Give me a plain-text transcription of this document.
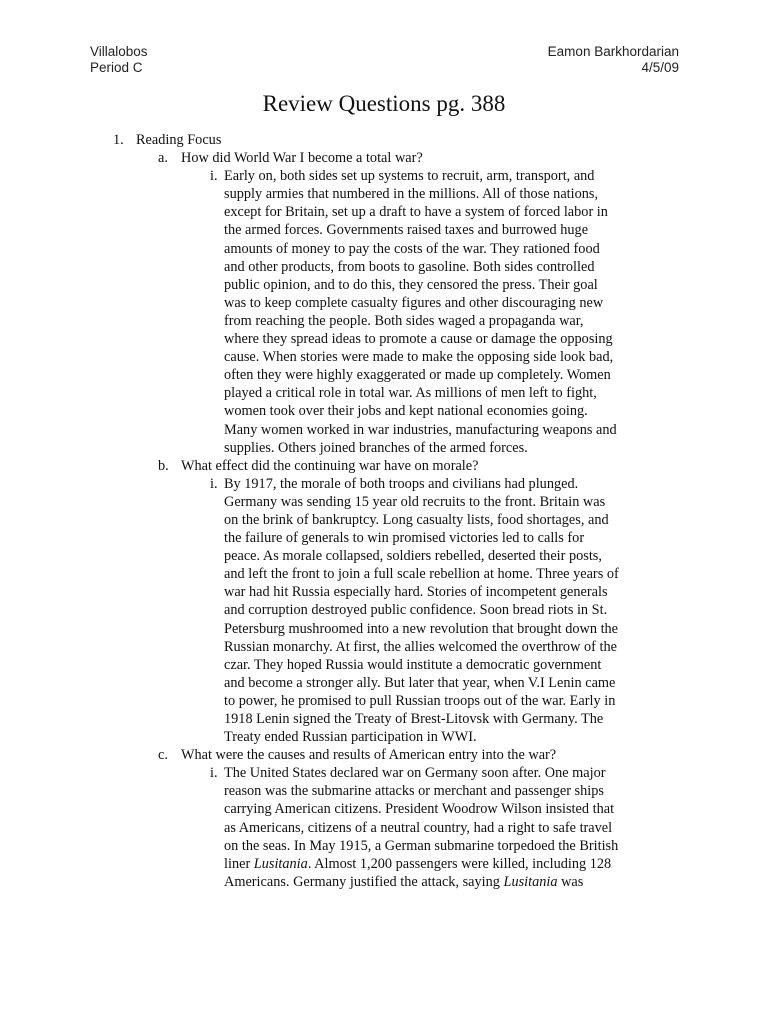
Villalobos
Period C
Eamon Barkhordarian
4/5/09
Review Questions pg. 388
1. Reading Focus
a. How did World War I become a total war?
i. Early on, both sides set up systems to recruit, arm, transport, and
supply armies that numbered in the millions. All of those nations,
except for Britain, set up a draft to have a system of forced labor in
the armed forces. Governments raised taxes and burrowed huge
amounts of money to pay the costs of the war. They rationed food
and other products, from boots to gasoline. Both sides controlled
public opinion, and to do this, they censored the press. Their goal
was to keep complete casualty figures and other discouraging new
from reaching the people. Both sides waged a propaganda war,
where they spread ideas to promote a cause or damage the opposing
cause. When stories were made to make the opposing side look bad,
often they were highly exaggerated or made up completely. Women
played a critical role in total war. As millions of men left to fight,
women took over their jobs and kept national economies going.
Many women worked in war industries, manufacturing weapons and
supplies. Others joined branches of the armed forces.
b. What effect did the continuing war have on morale?
i. By 1917, the morale of both troops and civilians had plunged.
Germany was sending 15 year old recruits to the front. Britain was
on the brink of bankruptcy. Long casualty lists, food shortages, and
the failure of generals to win promised victories led to calls for
peace. As morale collapsed, soldiers rebelled, deserted their posts,
and left the front to join a full scale rebellion at home. Three years of
war had hit Russia especially hard. Stories of incompetent generals
and corruption destroyed public confidence. Soon bread riots in St.
Petersburg mushroomed into a new revolution that brought down the
Russian monarchy. At first, the allies welcomed the overthrow of the
czar. They hoped Russia would institute a democratic government
and become a stronger ally. But later that year, when V.I Lenin came
to power, he promised to pull Russian troops out of the war. Early in
1918 Lenin signed the Treaty of Brest-Litovsk with Germany. The
Treaty ended Russian participation in WWI.
c. What were the causes and results of American entry into the war?
i. The United States declared war on Germany soon after. One major
reason was the submarine attacks or merchant and passenger ships
carrying American citizens. President Woodrow Wilson insisted that
as Americans, citizens of a neutral country, had a right to safe travel
on the seas. In May 1915, a German submarine torpedoed the British
liner Lusitania. Almost 1,200 passengers were killed, including 128
Americans. Germany justified the attack, saying Lusitania was
